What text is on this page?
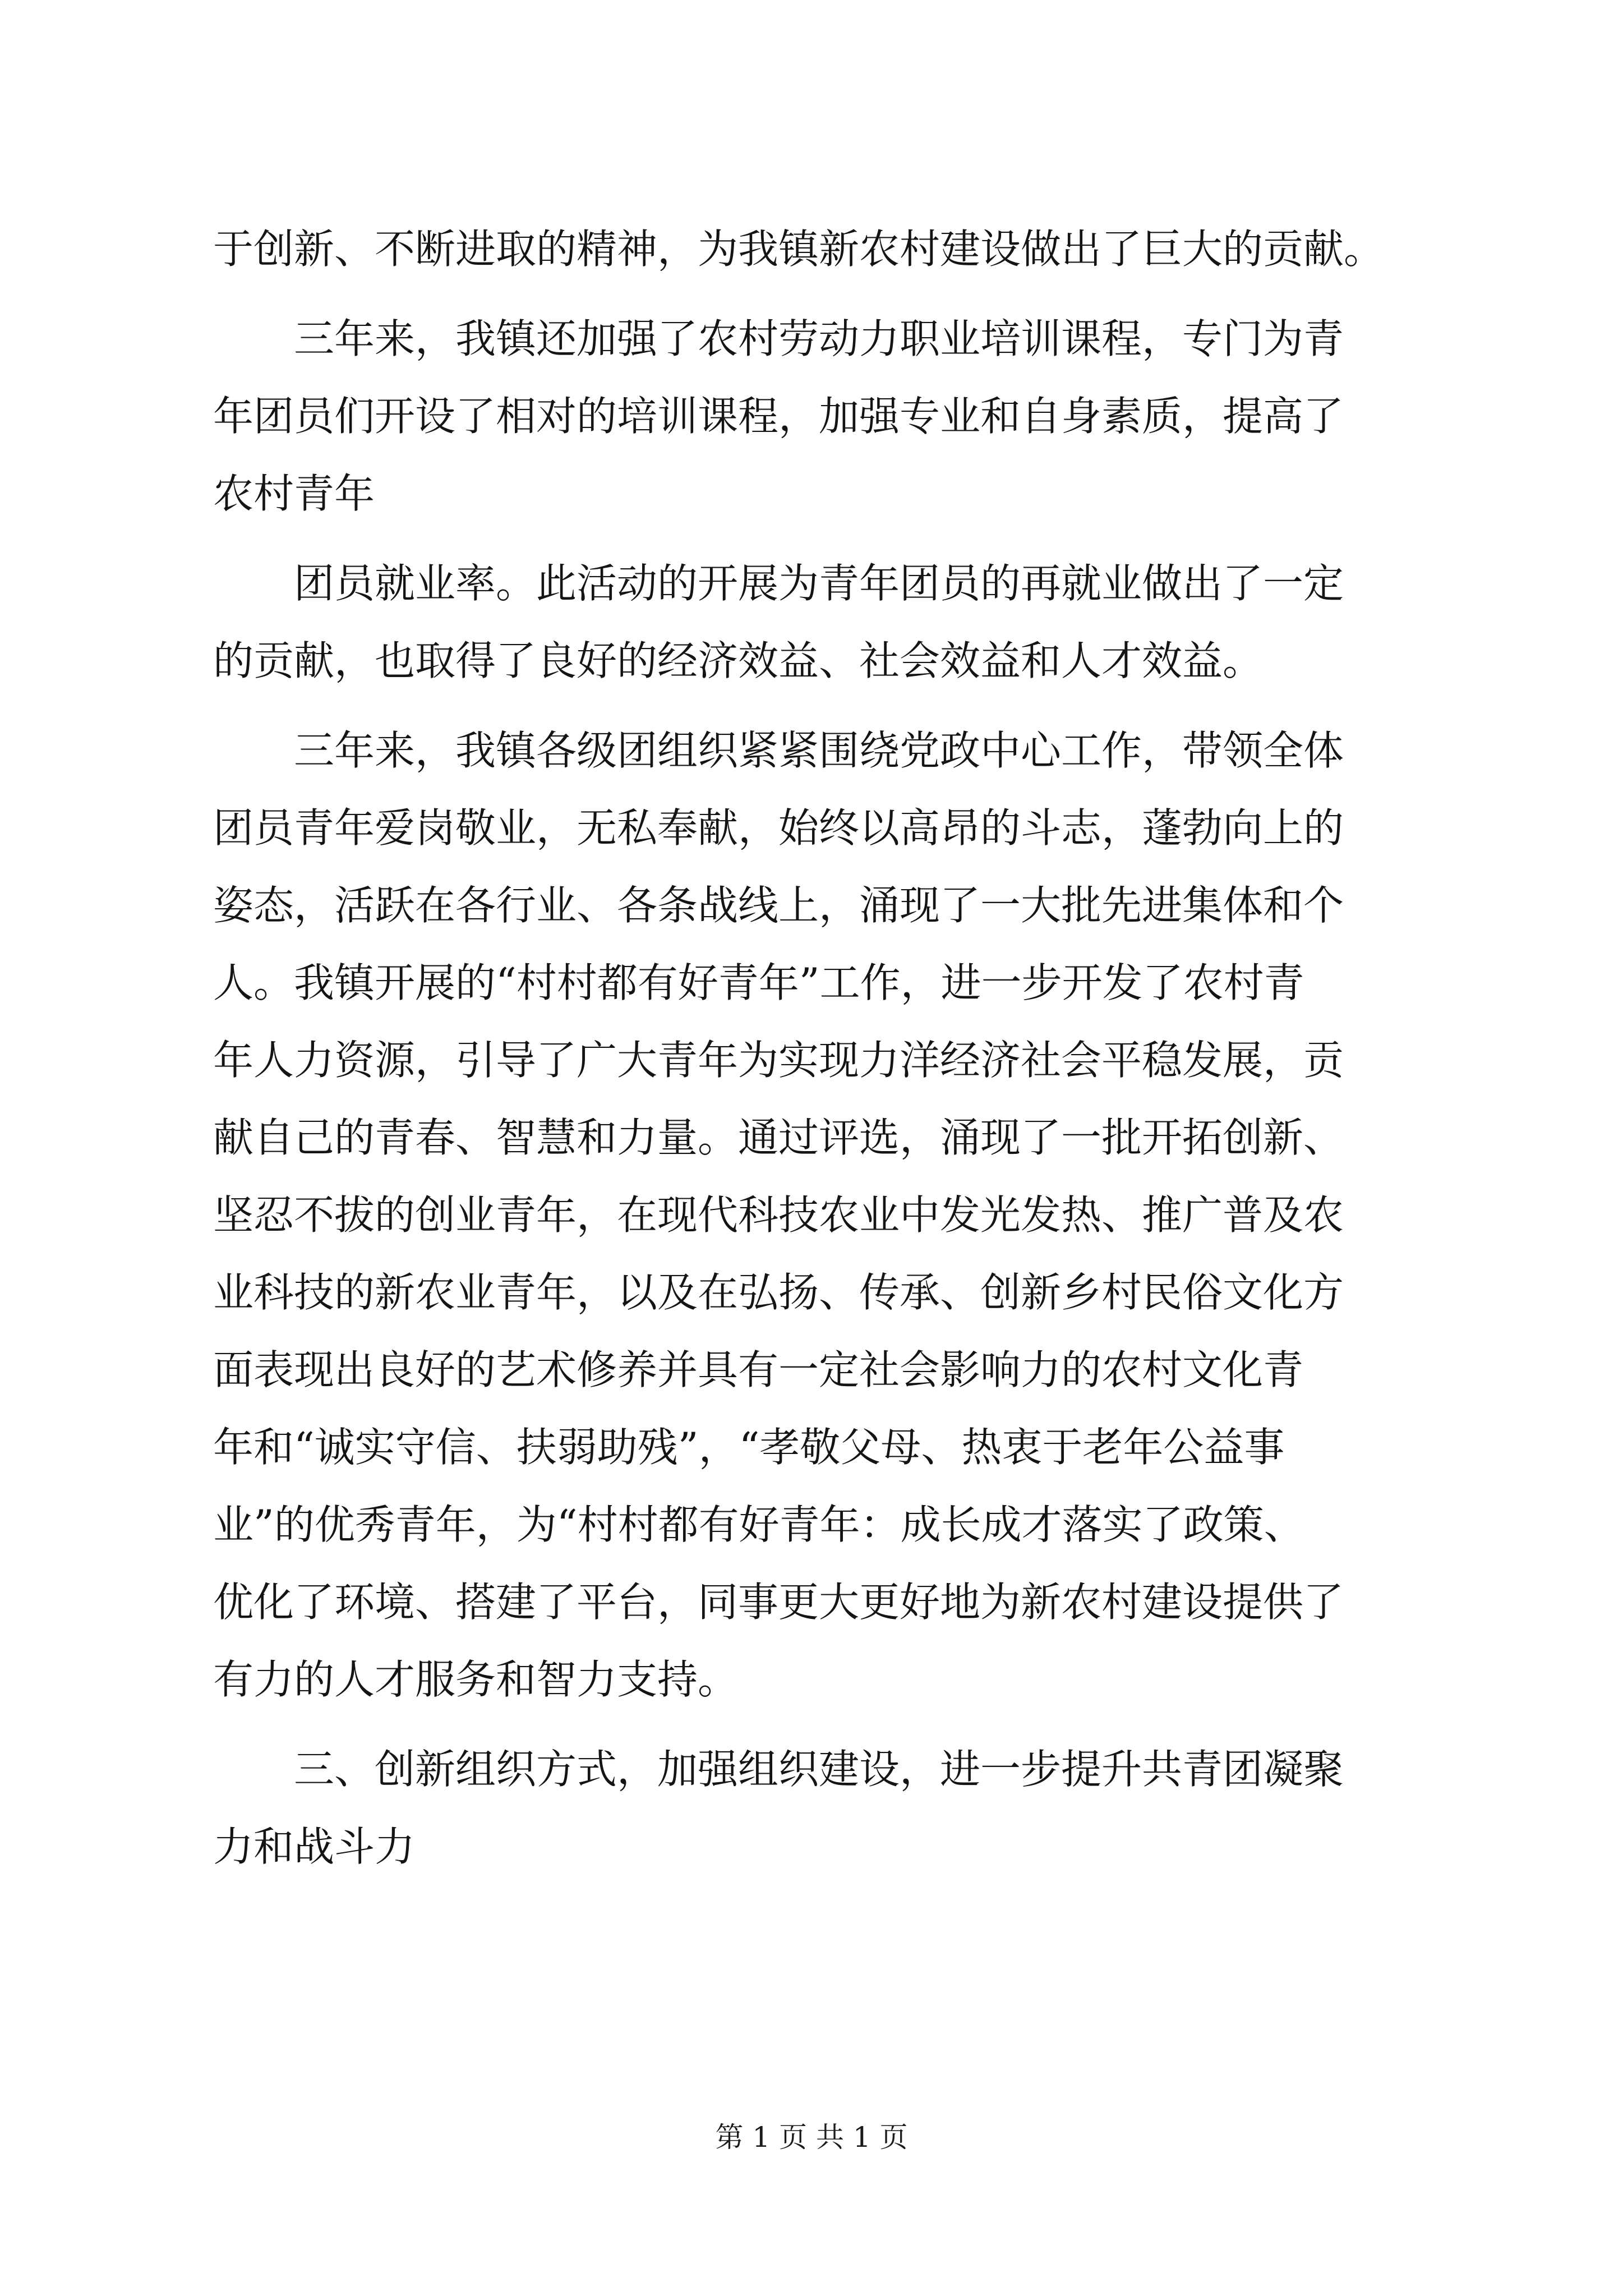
于创新、不断进取的精神，为我镇新农村建设做出了巨大的贡献。
　　三年来，我镇还加强了农村劳动力职业培训课程，专门为青
年团员们开设了相对的培训课程，加强专业和自身素质，提高了
农村青年
　　团员就业率。此活动的开展为青年团员的再就业做出了一定
的贡献，也取得了良好的经济效益、社会效益和人才效益。
　　三年来，我镇各级团组织紧紧围绕党政中心工作，带领全体
团员青年爱岗敬业，无私奉献，始终以高昂的斗志，蓬勃向上的
姿态，活跃在各行业、各条战线上，涌现了一大批先进集体和个
人。我镇开展的“村村都有好青年”工作，进一步开发了农村青
年人力资源，引导了广大青年为实现力洋经济社会平稳发展，贡
献自己的青春、智慧和力量。通过评选，涌现了一批开拓创新、
坚忍不拔的创业青年，在现代科技农业中发光发热、推广普及农
业科技的新农业青年，以及在弘扬、传承、创新乡村民俗文化方
面表现出良好的艺术修养并具有一定社会影响力的农村文化青
年和“诚实守信、扶弱助残”，“孝敬父母、热衷于老年公益事
业”的优秀青年，为“村村都有好青年：成长成才落实了政策、
优化了环境、搭建了平台，同事更大更好地为新农村建设提供了
有力的人才服务和智力支持。
　　三、创新组织方式，加强组织建设，进一步提升共青团凝聚
力和战斗力
第 1 页 共 1 页
